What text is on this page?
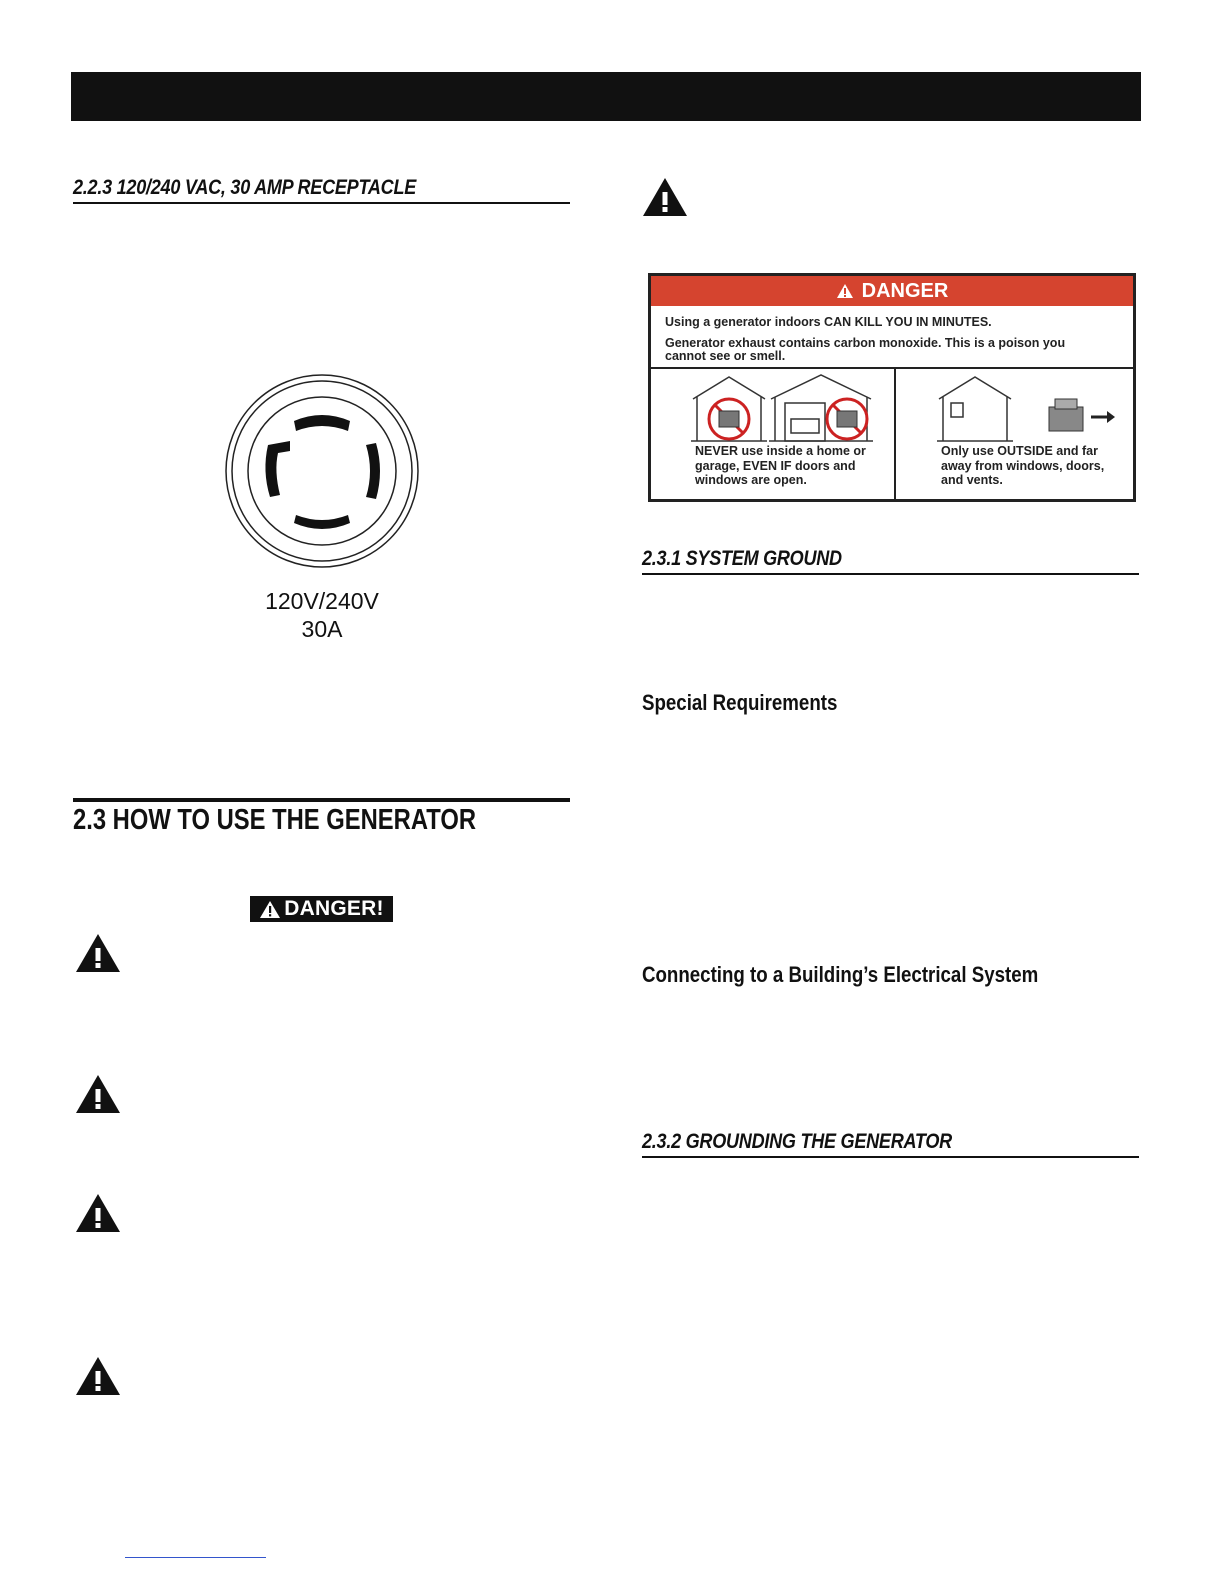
2.2.3 120/240 VAC, 30 AMP RECEPTACLE
120V/240V
30A
2.3 HOW TO USE THE GENERATOR
DANGER!
DANGER
Using a generator indoors CAN KILL YOU IN MINUTES.
Generator exhaust contains carbon monoxide. This is a poison you cannot see or smell.
NEVER use inside a home or garage, EVEN IF doors and windows are open.
Only use OUTSIDE and far away from windows, doors, and vents.
2.3.1 SYSTEM GROUND
Special Requirements
Connecting to a Building’s Electrical System
2.3.2 GROUNDING THE GENERATOR
